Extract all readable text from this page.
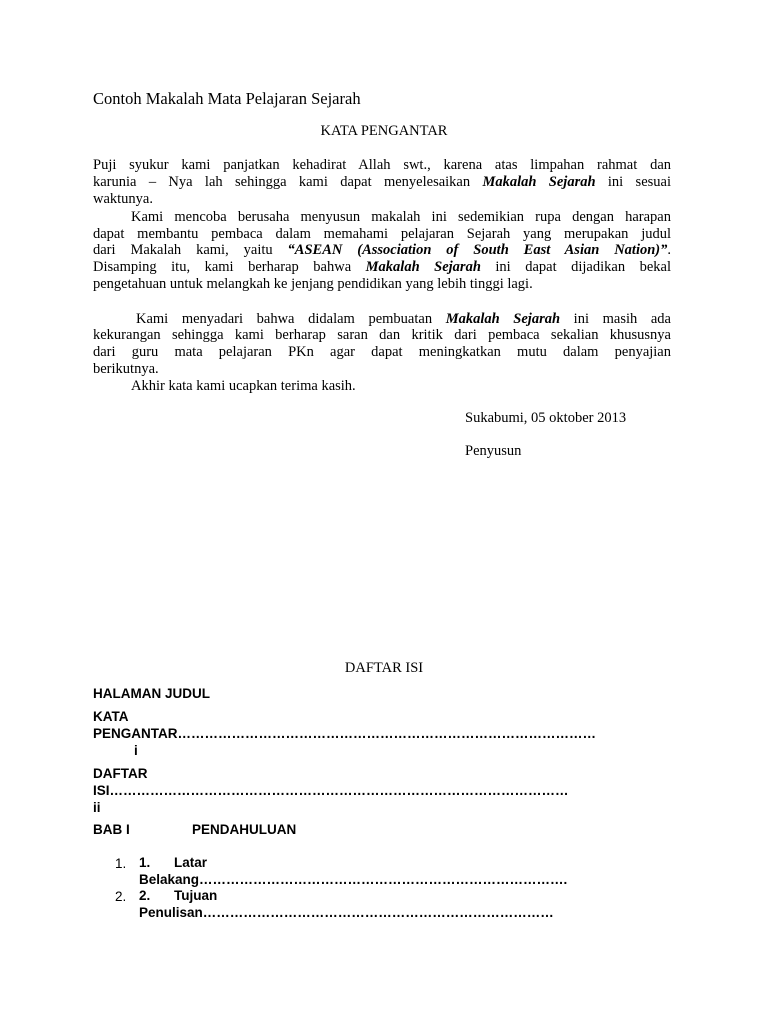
Contoh Makalah Mata Pelajaran Sejarah
KATA PENGANTAR
Puji syukur kami panjatkan kehadirat Allah swt., karena atas limpahan rahmat dan
karunia – Nya lah sehingga kami dapat menyelesaikan Makalah Sejarah ini sesuai
waktunya.
Kami mencoba berusaha menyusun makalah ini sedemikian rupa dengan harapan
dapat membantu pembaca dalam memahami pelajaran Sejarah yang merupakan judul
dari Makalah kami, yaitu “ASEAN (Association of South East Asian Nation)”.
Disamping itu, kami berharap bahwa Makalah Sejarah ini dapat dijadikan bekal
pengetahuan untuk melangkah ke jenjang pendidikan yang lebih tinggi lagi.
Kami menyadari bahwa didalam pembuatan Makalah Sejarah ini masih ada
kekurangan sehingga kami berharap saran dan kritik dari pembaca sekalian khususnya
dari guru mata pelajaran PKn agar dapat meningkatkan mutu dalam penyajian
berikutnya.
Akhir kata kami ucapkan terima kasih.
Sukabumi, 05 oktober 2013
Penyusun
DAFTAR ISI
HALAMAN JUDUL
KATA
PENGANTAR…………………………………………………………………………………
i
DAFTAR
ISI…………………………………………………………………………………………
ii
BAB I	PENDAHULUAN
1. 1. Latar
Belakang……………………………………………………………………….
2. 2. Tujuan
Penulisan……………………………………………………………………
